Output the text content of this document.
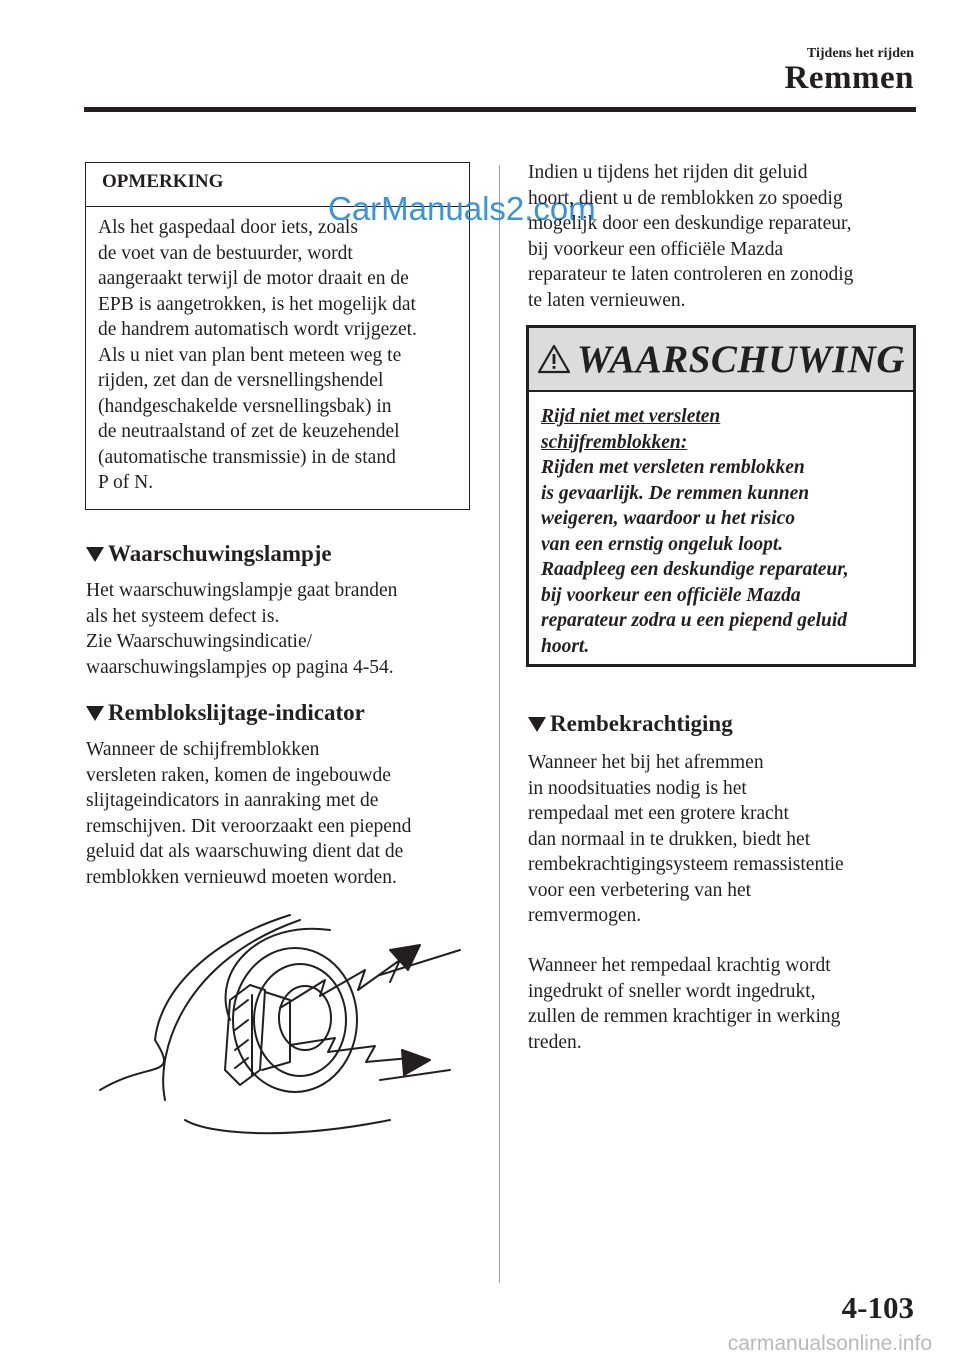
Tijdens het rijden
Remmen
OPMERKING
Als het gaspedaal door iets, zoals
de voet van de bestuurder, wordt
aangeraakt terwijl de motor draait en de
EPB is aangetrokken, is het mogelijk dat
de handrem automatisch wordt vrijgezet.
Als u niet van plan bent meteen weg te
rijden, zet dan de versnellingshendel
(handgeschakelde versnellingsbak) in
de neutraalstand of zet de keuzehendel
(automatische transmissie) in de stand
P of N.
CarManuals2.com
Waarschuwingslampje
Het waarschuwingslampje gaat branden
als het systeem defect is.
Zie Waarschuwingsindicatie/
waarschuwingslampjes op pagina 4-54.
Remblokslijtage-indicator
Wanneer de schijfremblokken
versleten raken, komen de ingebouwde
slijtageindicators in aanraking met de
remschijven. Dit veroorzaakt een piepend
geluid dat als waarschuwing dient dat de
remblokken vernieuwd moeten worden.
Indien u tijdens het rijden dit geluid
hoort, dient u de remblokken zo spoedig
mogelijk door een deskundige reparateur,
bij voorkeur een officiële Mazda
reparateur te laten controleren en zonodig
te laten vernieuwen.
WAARSCHUWING
Rijd niet met versleten
schijfremblokken:
Rijden met versleten remblokken
is gevaarlijk. De remmen kunnen
weigeren, waardoor u het risico
van een ernstig ongeluk loopt.
Raadpleeg een deskundige reparateur,
bij voorkeur een officiële Mazda
reparateur zodra u een piepend geluid
hoort.
Rembekrachtiging
Wanneer het bij het afremmen
in noodsituaties nodig is het
rempedaal met een grotere kracht
dan normaal in te drukken, biedt het
rembekrachtigingsysteem remassistentie
voor een verbetering van het
remvermogen.
Wanneer het rempedaal krachtig wordt
ingedrukt of sneller wordt ingedrukt,
zullen de remmen krachtiger in werking
treden.
4-103
carmanualsonline.info
